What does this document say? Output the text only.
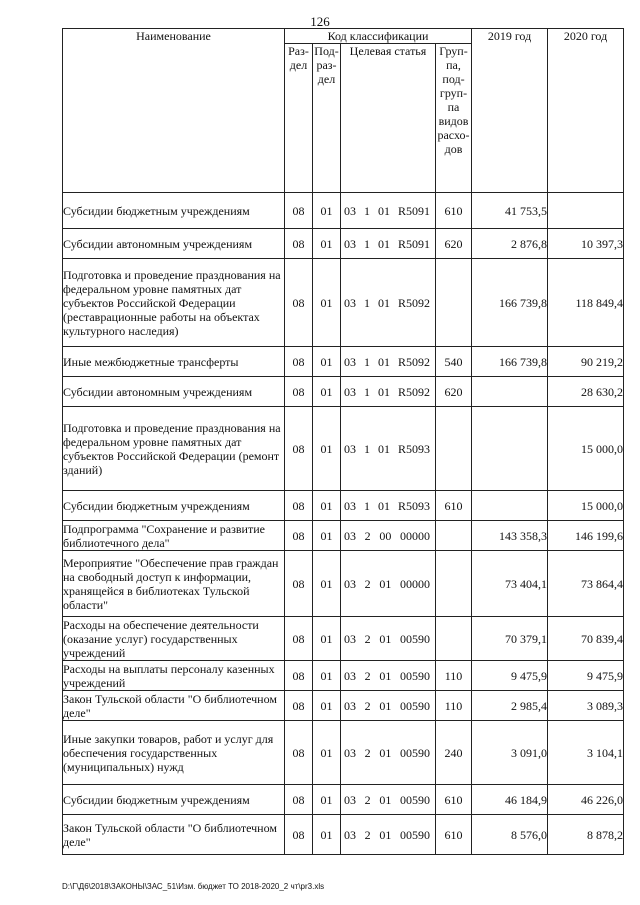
126
Наименование	Код классификации				2019 год	2020 год
	Раз-дел	Под-раз-дел	Целевая статья	Груп-па, под-груп-па видов расхо-дов		
Субсидии бюджетным учреждениям	08	01	03 1 01 R5091	610	41 753,5	
Субсидии автономным учреждениям	08	01	03 1 01 R5091	620	2 876,8	10 397,3
Подготовка и проведение празднования на федеральном уровне памятных дат субъектов Российской Федерации (реставрационные работы на объектах культурного наследия)	08	01	03 1 01 R5092		166 739,8	118 849,4
Иные межбюджетные трансферты	08	01	03 1 01 R5092	540	166 739,8	90 219,2
Субсидии автономным учреждениям	08	01	03 1 01 R5092	620		28 630,2
Подготовка и проведение празднования на федеральном уровне памятных дат субъектов Российской Федерации (ремонт зданий)	08	01	03 1 01 R5093			15 000,0
Субсидии бюджетным учреждениям	08	01	03 1 01 R5093	610		15 000,0
Подпрограмма "Сохранение и развитие библиотечного дела"	08	01	03 2 00 00000		143 358,3	146 199,6
Мероприятие "Обеспечение прав граждан на свободный доступ к информации, хранящейся в библиотеках Тульской области"	08	01	03 2 01 00000		73 404,1	73 864,4
Расходы на обеспечение деятельности (оказание услуг) государственных учреждений	08	01	03 2 01 00590		70 379,1	70 839,4
Расходы на выплаты персоналу казенных учреждений	08	01	03 2 01 00590	110	9 475,9	9 475,9
Закон Тульской области "О библиотечном деле"	08	01	03 2 01 00590	110	2 985,4	3 089,3
Иные закупки товаров, работ и услуг для обеспечения государственных (муниципальных) нужд	08	01	03 2 01 00590	240	3 091,0	3 104,1
Субсидии бюджетным учреждениям	08	01	03 2 01 00590	610	46 184,9	46 226,0
Закон Тульской области "О библиотечном деле"	08	01	03 2 01 00590	610	8 576,0	8 878,2
D:\Г\Д6\2018\ЗАКОНЫ\ЗАС_51\Изм. бюджет ТО 2018-2020_2 чт\pr3.xls
